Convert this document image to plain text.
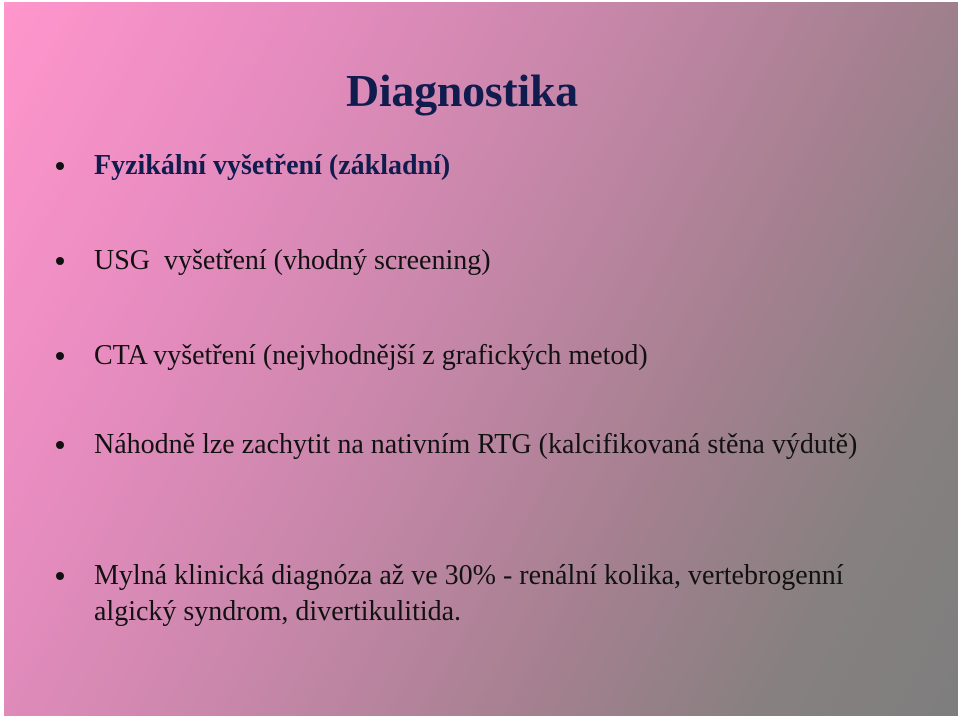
Diagnostika
Fyzikální vyšetření (základní)
USG  vyšetření (vhodný screening)
CTA vyšetření (nejvhodnější z grafických metod)
Náhodně lze zachytit na nativním RTG (kalcifikovaná stěna výdutě)
Mylná klinická diagnóza až ve 30% - renální kolika, vertebrogenní algický syndrom, divertikulitida.
